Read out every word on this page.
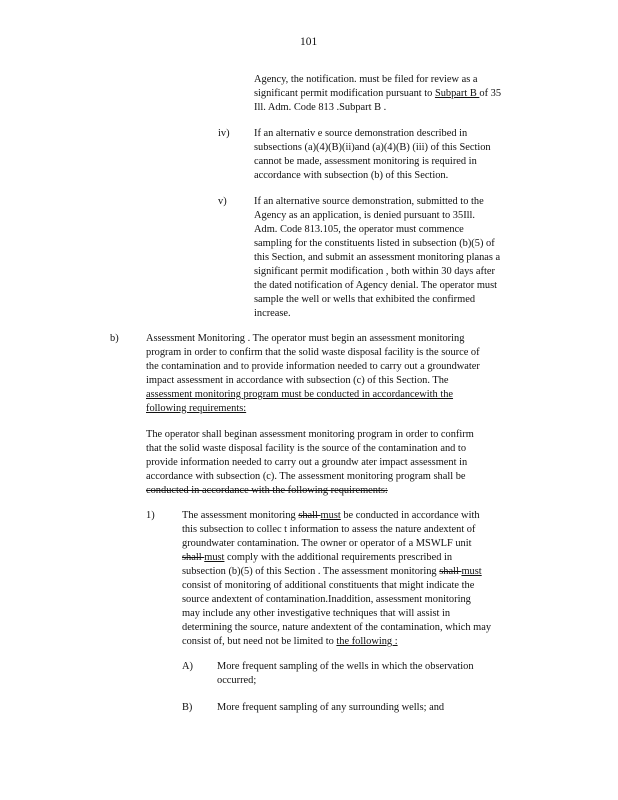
101
Agency, the notification. must be filed for review as a
significant permit modification pursuant to Subpart B of 35
Ill. Adm. Code 813 .Subpart B .
iv) If an alternativ e source demonstration described in
subsections (a)(4)(B)(ii)and (a)(4)(B) (iii) of this Section
cannot be made, assessment monitoring is required in
accordance with subsection (b) of this Section.
v)	If an alternative source demonstration, submitted to the
Agency as an application, is denied pursuant to 35Ill.
Adm. Code 813.105, the operator must commence
sampling for the constituents listed in subsection (b)(5) of
this Section, and submit an assessment monitoring planas a
significant permit modification , both within 30 days after
the dated notification of Agency denial. The operator must
sample the well or wells that exhibited the confirmed
increase.
b)	Assessment Monitoring . The operator must begin an assessment monitoring
program in order to confirm that the solid waste disposal facility is the source of
the contamination and to provide information needed to carry out a groundwater
impact assessment in accordance with subsection (c) of this Section. The
assessment monitoring program must be conducted in accordancewith the
following requirements:
The operator shall beginan assessment monitoring program in order to confirm
that the solid waste disposal facility is the source of the contamination and to
provide information needed to carry out a groundw ater impact assessment in
accordance with subsection (c). The assessment monitoring program shall be
conducted in accordance with the following requirements:
1)	The assessment monitoring shall must be conducted in accordance with
this subsection to collec t information to assess the nature andextent of
groundwater contamination. The owner or operator of a MSWLF unit
shall must comply with the additional requirements prescribed in
subsection (b)(5) of this Section . The assessment monitoring shall must
consist of monitoring of additional constituents that might indicate the
source andextent of contamination.Inaddition, assessment monitoring
may include any other investigative techniques that will assist in
determining the source, nature andextent of the contamination, which may
consist of, but need not be limited to the following :
A) More frequent sampling of the wells in which the observation
occurred;
B) More frequent sampling of any surrounding wells; and
